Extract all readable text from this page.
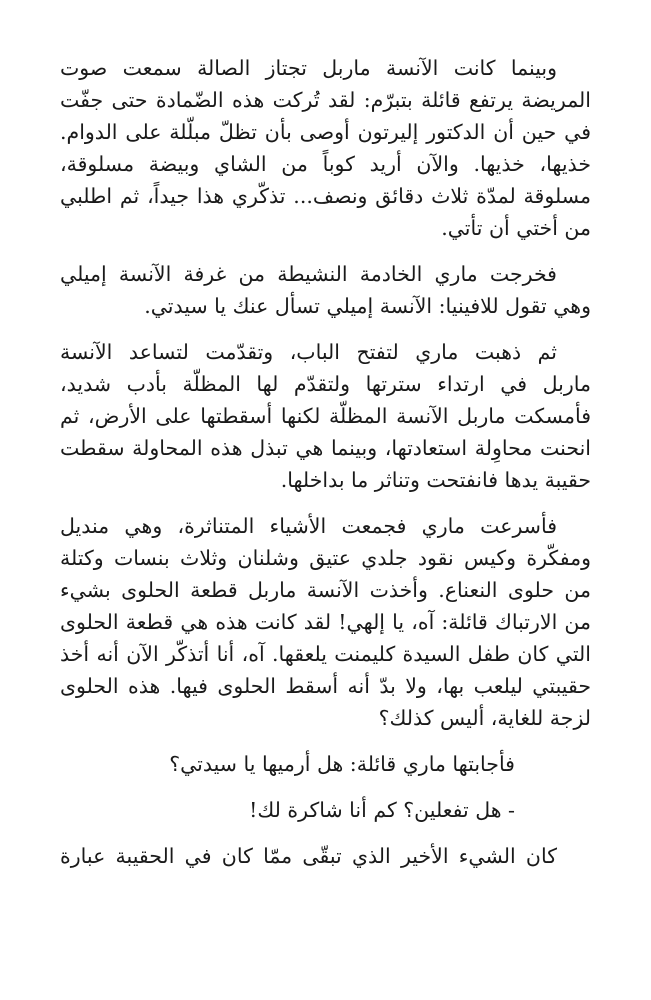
وبينما كانت الآنسة ماربل تجتاز الصالة سمعت صوت
المريضة يرتفع قائلة بتبرّم: لقد تُركت هذه الضّمادة حتى جفّت
في حين أن الدكتور إليرتون أوصى بأن تظلّ مبلّلة على الدوام.
خذيها، خذيها. والآن أريد كوباً من الشاي وبيضة مسلوقة،
مسلوقة لمدّة ثلاث دقائق ونصف... تذكّري هذا جيداً، ثم اطلبي
من أختي أن تأتي.

فخرجت ماري الخادمة النشيطة من غرفة الآنسة إميلي
وهي تقول للافينيا: الآنسة إميلي تسأل عنك يا سيدتي.

ثم ذهبت ماري لتفتح الباب، وتقدّمت لتساعد الآنسة
ماربل في ارتداء سترتها ولتقدّم لها المظلّة بأدب شديد،
فأمسكت ماربل الآنسة المظلّة لكنها أسقطتها على الأرض، ثم
انحنت محاوِلة استعادتها، وبينما هي تبذل هذه المحاولة سقطت
حقيبة يدها فانفتحت وتناثر ما بداخلها.

فأسرعت ماري فجمعت الأشياء المتناثرة، وهي منديل
ومفكّرة وكيس نقود جلدي عتيق وشلنان وثلاث بنسات وكتلة
من حلوى النعناع. وأخذت الآنسة ماربل قطعة الحلوى بشيء
من الارتباك قائلة: آه، يا إلهي! لقد كانت هذه هي قطعة الحلوى
التي كان طفل السيدة كليمنت يلعقها. آه، أنا أتذكّر الآن أنه أخذ
حقيبتي ليلعب بها، ولا بدّ أنه أسقط الحلوى فيها. هذه الحلوى
لزجة للغاية، أليس كذلك؟

فأجابتها ماري قائلة: هل أرميها يا سيدتي؟

- هل تفعلين؟ كم أنا شاكرة لك!

كان الشيء الأخير الذي تبقّى ممّا كان في الحقيبة عبارة
